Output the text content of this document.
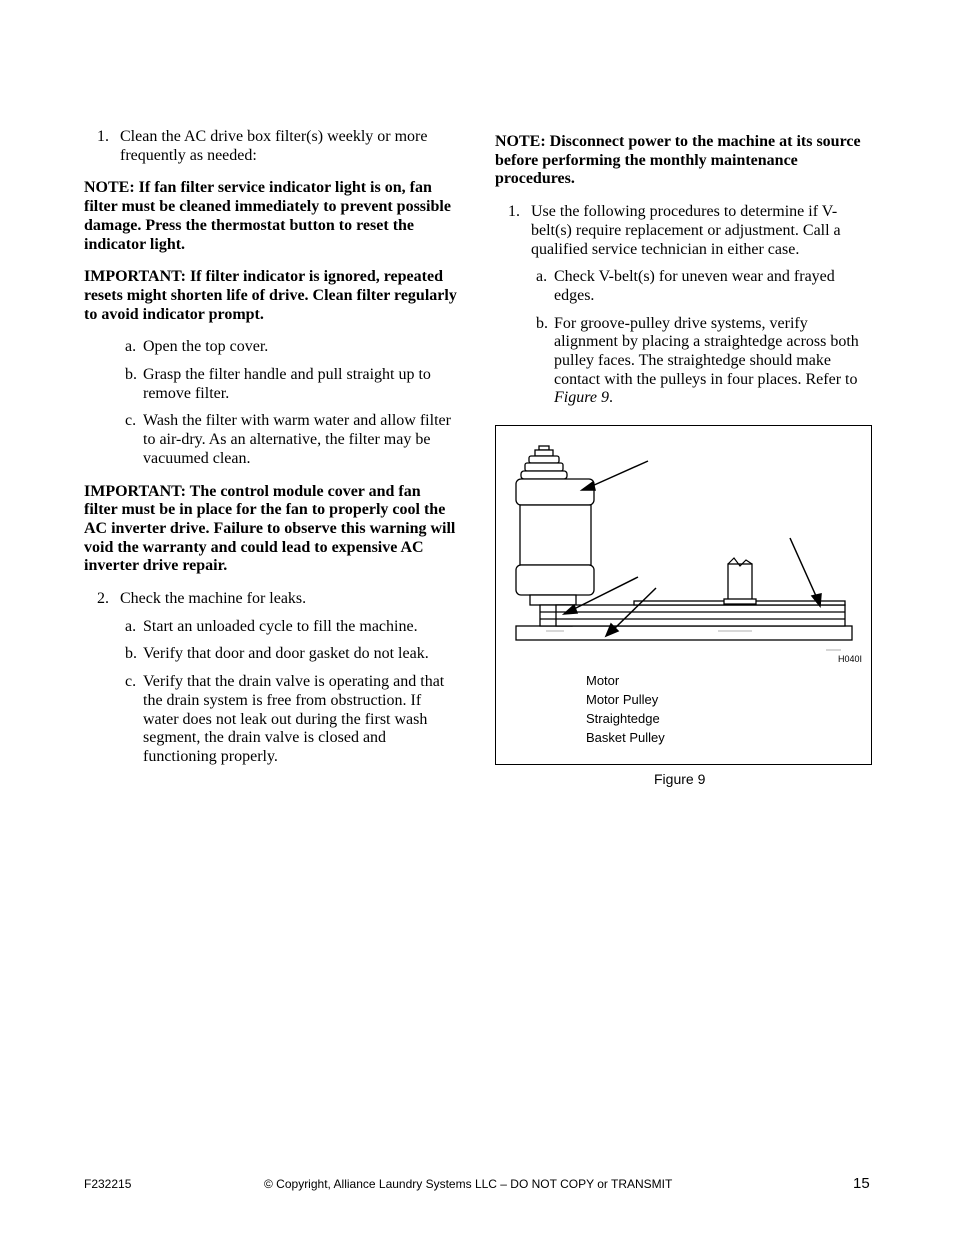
1. Clean the AC drive box filter(s) weekly or more frequently as needed:

NOTE: If fan filter service indicator light is on, fan filter must be cleaned immediately to prevent possible damage. Press the thermostat button to reset the indicator light.

IMPORTANT: If filter indicator is ignored, repeated resets might shorten life of drive. Clean filter regularly to avoid indicator prompt.

a. Open the top cover.

b. Grasp the filter handle and pull straight up to remove filter.

c. Wash the filter with warm water and allow filter to air-dry. As an alternative, the filter may be vacuumed clean.

IMPORTANT: The control module cover and fan filter must be in place for the fan to properly cool the AC inverter drive. Failure to observe this warning will void the warranty and could lead to expensive AC inverter drive repair.

2. Check the machine for leaks.

a. Start an unloaded cycle to fill the machine.

b. Verify that door and door gasket do not leak.

c. Verify that the drain valve is operating and that the drain system is free from obstruction. If water does not leak out during the first wash segment, the drain valve is closed and functioning properly.

NOTE: Disconnect power to the machine at its source before performing the monthly maintenance procedures.

1. Use the following procedures to determine if V-belt(s) require replacement or adjustment. Call a qualified service technician in either case.

a. Check V-belt(s) for uneven wear and frayed edges.

b. For groove-pulley drive systems, verify alignment by placing a straightedge across both pulley faces. The straightedge should make contact with the pulleys in four places. Refer to Figure 9.

H040I
Motor
Motor Pulley
Straightedge
Basket Pulley
Figure 9
F232215	© Copyright, Alliance Laundry Systems LLC – DO NOT COPY or TRANSMIT	15
